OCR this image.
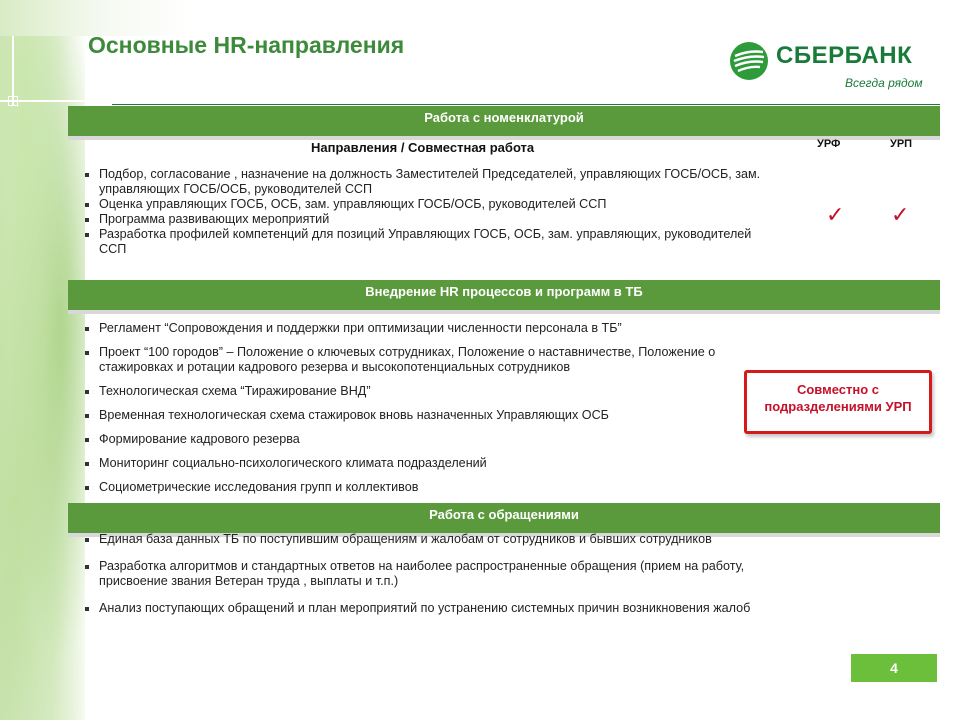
Основные HR-направления	СБЕРБАНК
Всегда рядом
Работа с номенклатурой
Направления / Совместная работа	УРФ	УРП
✓ ✓
Подбор, согласование , назначение на должность Заместителей Председателей, управляющих ГОСБ/ОСБ, зам. управляющих ГОСБ/ОСБ, руководителей ССП
Оценка управляющих ГОСБ, ОСБ, зам. управляющих ГОСБ/ОСБ, руководителей ССП
Программа развивающих мероприятий
Разработка профилей компетенций для позиций Управляющих ГОСБ, ОСБ, зам. управляющих, руководителей ССП
Внедрение HR процессов и программ в ТБ
Регламент “Сопровождения и поддержки при оптимизации численности персонала в ТБ”
Проект “100 городов” – Положение о ключевых сотрудниках, Положение о наставничестве, Положение о стажировках и ротации кадрового резерва и высокопотенциальных сотрудников
Технологическая схема “Тиражирование ВНД”
Временная технологическая схема стажировок вновь назначенных Управляющих ОСБ
Формирование кадрового резерва
Мониторинг социально-психологического климата подразделений
Социометрические исследования групп и коллективов
Совместно с подразделениями УРП
Работа с обращениями
Единая база данных ТБ по поступившим обращениям и жалобам от сотрудников и бывших сотрудников
Разработка алгоритмов и стандартных ответов на наиболее распространенные обращения (прием на работу, присвоение звания Ветеран труда , выплаты и т.п.)
Анализ поступающих обращений и план мероприятий по устранению системных причин возникновения жалоб
4
